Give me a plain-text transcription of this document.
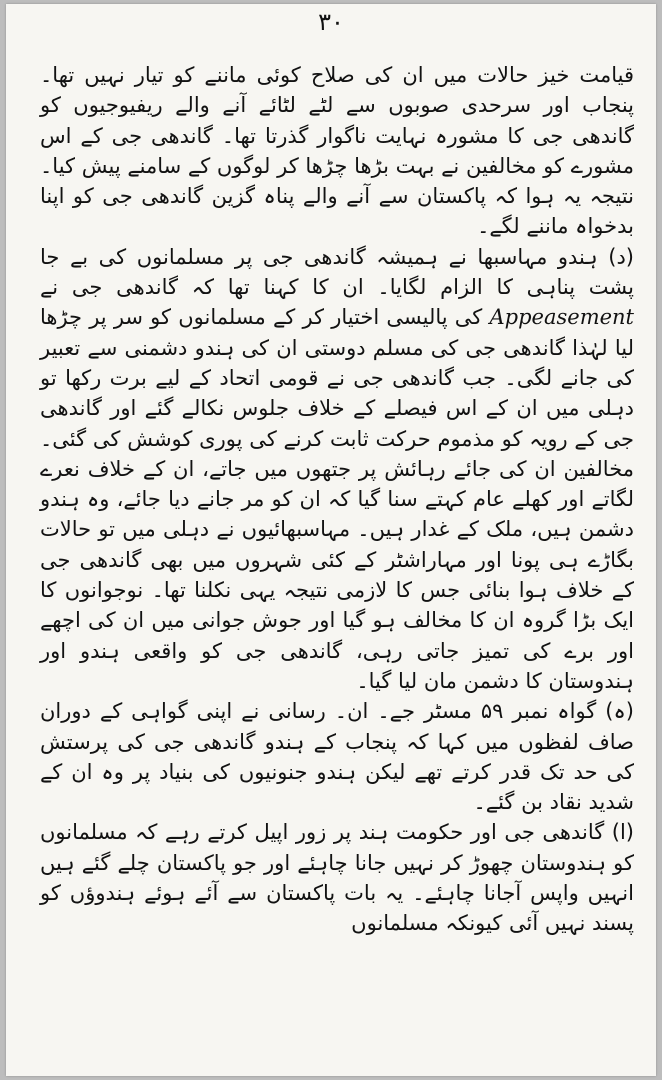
۳۰

قیامت خیز حالات میں ان کی صلاح کوئی ماننے کو تیار نہیں تھا۔ پنجاب اور سرحدی صوبوں سے لٹے لٹائے آنے والے ریفیوجیوں کو گاندھی جی کا مشورہ نہایت ناگوار گذرتا تھا۔ گاندھی جی کے اس مشورے کو مخالفین نے بہت بڑھا چڑھا کر لوگوں کے سامنے پیش کیا۔ نتیجہ یہ ہوا کہ پاکستان سے آنے والے پناہ گزین گاندھی جی کو اپنا بدخواہ ماننے لگے۔

(د) ہندو مہاسبھا نے ہمیشہ گاندھی جی پر مسلمانوں کی بے جا پشت پناہی کا الزام لگایا۔ ان کا کہنا تھا کہ گاندھی جی نے Appeasement کی پالیسی اختیار کر کے مسلمانوں کو سر پر چڑھا لیا لہٰذا گاندھی جی کی مسلم دوستی ان کی ہندو دشمنی سے تعبیر کی جانے لگی۔ جب گاندھی جی نے قومی اتحاد کے لیے برت رکھا تو دہلی میں ان کے اس فیصلے کے خلاف جلوس نکالے گئے اور گاندھی جی کے رویہ کو مذموم حرکت ثابت کرنے کی پوری کوشش کی گئی۔ مخالفین ان کی جائے رہائش پر جتھوں میں جاتے، ان کے خلاف نعرے لگاتے اور کھلے عام کہتے سنا گیا کہ ان کو مر جانے دیا جائے، وہ ہندو دشمن ہیں، ملک کے غدار ہیں۔ مہاسبھائیوں نے دہلی میں تو حالات بگاڑے ہی پونا اور مہاراشٹر کے کئی شہروں میں بھی گاندھی جی کے خلاف ہوا بنائی جس کا لازمی نتیجہ یہی نکلنا تھا۔ نوجوانوں کا ایک بڑا گروہ ان کا مخالف ہو گیا اور جوش جوانی میں ان کی اچھے اور برے کی تمیز جاتی رہی، گاندھی جی کو واقعی ہندو اور ہندوستان کا دشمن مان لیا گیا۔

(ہ) گواہ نمبر ۵۹ مسٹر جے۔ ان۔ رسانی نے اپنی گواہی کے دوران صاف لفظوں میں کہا کہ پنجاب کے ہندو گاندھی جی کی پرستش کی حد تک قدر کرتے تھے لیکن ہندو جنونیوں کی بنیاد پر وہ ان کے شدید نقاد بن گئے۔

(ا) گاندھی جی اور حکومت ہند پر زور اپیل کرتے رہے کہ مسلمانوں کو ہندوستان چھوڑ کر نہیں جانا چاہئے اور جو پاکستان چلے گئے ہیں انہیں واپس آجانا چاہئے۔ یہ بات پاکستان سے آئے ہوئے ہندوؤں کو پسند نہیں آئی کیونکہ مسلمانوں
